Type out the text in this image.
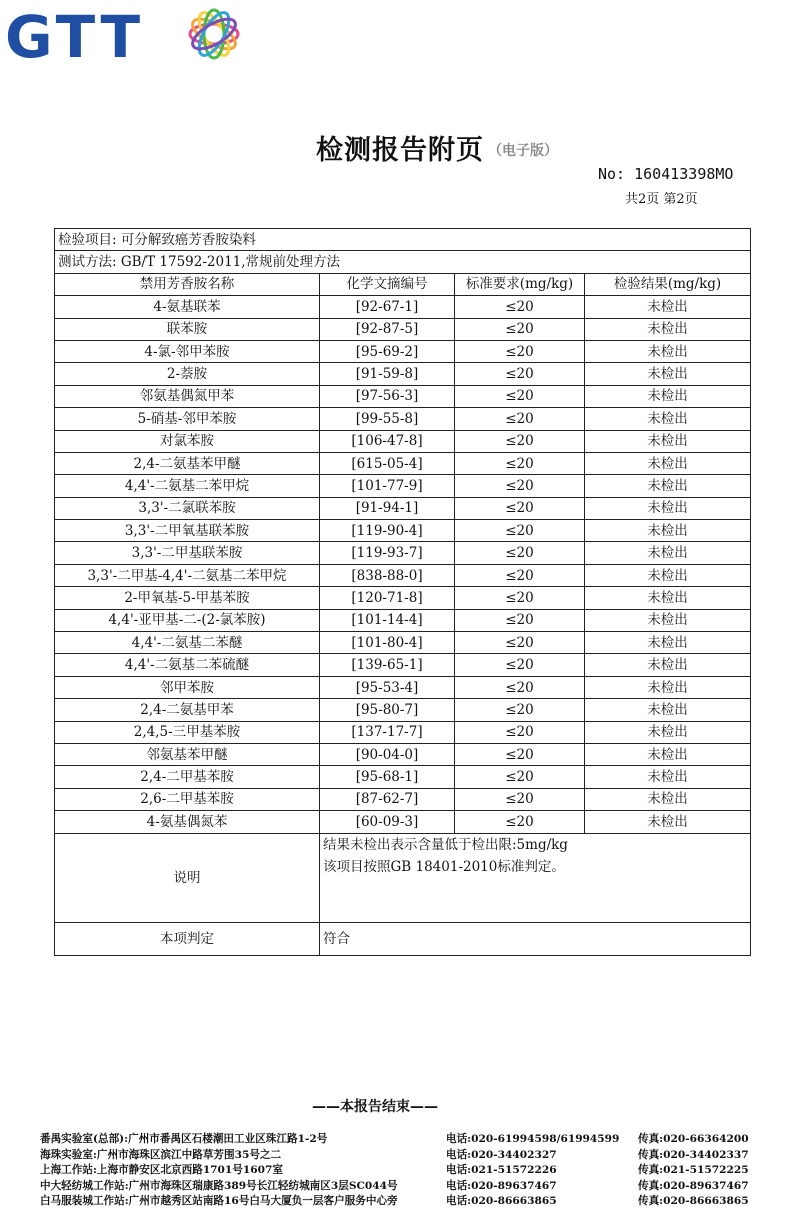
GTT
检测报告附页 （电子版）
No: 160413398MO
共2页 第2页
检验项目: 可分解致癌芳香胺染料			
测试方法: GB/T 17592-2011,常规前处理方法			
禁用芳香胺名称	化学文摘编号	标准要求(mg/kg)	检验结果(mg/kg)
4-氨基联苯	[92-67-1]	≤20	未检出
联苯胺	[92-87-5]	≤20	未检出
4-氯-邻甲苯胺	[95-69-2]	≤20	未检出
2-萘胺	[91-59-8]	≤20	未检出
邻氨基偶氮甲苯	[97-56-3]	≤20	未检出
5-硝基-邻甲苯胺	[99-55-8]	≤20	未检出
对氯苯胺	[106-47-8]	≤20	未检出
2,4-二氨基苯甲醚	[615-05-4]	≤20	未检出
4,4'-二氨基二苯甲烷	[101-77-9]	≤20	未检出
3,3'-二氯联苯胺	[91-94-1]	≤20	未检出
3,3'-二甲氧基联苯胺	[119-90-4]	≤20	未检出
3,3'-二甲基联苯胺	[119-93-7]	≤20	未检出
3,3'-二甲基-4,4'-二氨基二苯甲烷	[838-88-0]	≤20	未检出
2-甲氧基-5-甲基苯胺	[120-71-8]	≤20	未检出
4,4'-亚甲基-二-(2-氯苯胺)	[101-14-4]	≤20	未检出
4,4'-二氨基二苯醚	[101-80-4]	≤20	未检出
4,4'-二氨基二苯硫醚	[139-65-1]	≤20	未检出
邻甲苯胺	[95-53-4]	≤20	未检出
2,4-二氨基甲苯	[95-80-7]	≤20	未检出
2,4,5-三甲基苯胺	[137-17-7]	≤20	未检出
邻氨基苯甲醚	[90-04-0]	≤20	未检出
2,4-二甲基苯胺	[95-68-1]	≤20	未检出
2,6-二甲基苯胺	[87-62-7]	≤20	未检出
4-氨基偶氮苯	[60-09-3]	≤20	未检出
说明	结果未检出表示含量低于检出限:5mg/kg
该项目按照GB 18401-2010标准判定。		

本项判定	符合		
——本报告结束——
番禺实验室(总部):广州市番禺区石楼潮田工业区珠江路1-2号	电话:020-61994598/61994599 传真:020-66364200
海珠实验室:广州市海珠区滨江中路草芳围35号之二	电话:020-34402327	传真:020-34402337
上海工作站:上海市静安区北京西路1701号1607室	电话:021-51572226	传真:021-51572225
中大轻纺城工作站:广州市海珠区瑞康路389号长江轻纺城南区3层SC044号	电话:020-89637467	传真:020-89637467
白马服装城工作站:广州市越秀区站南路16号白马大厦负一层客户服务中心旁	电话:020-86663865	传真:020-86663865
